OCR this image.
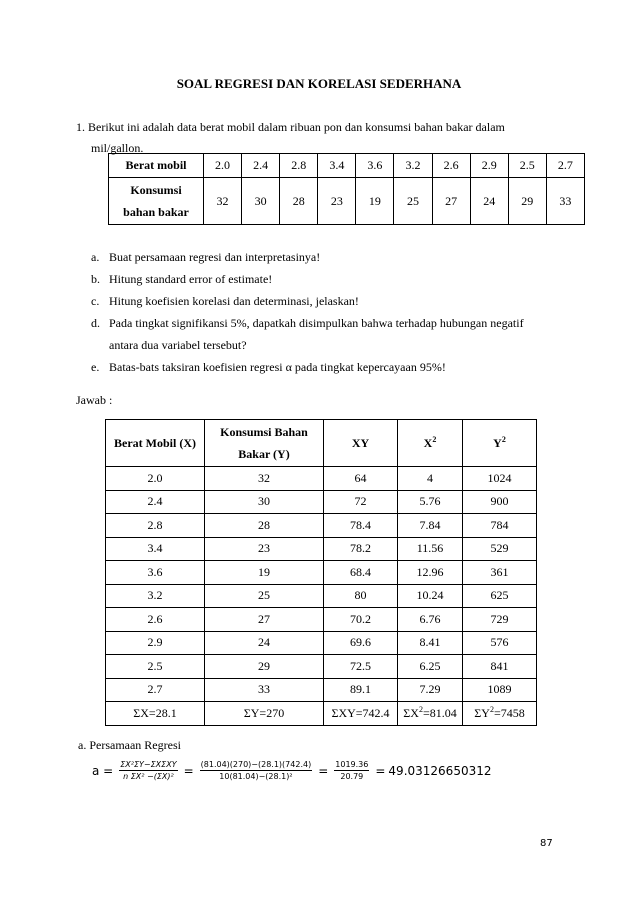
SOAL REGRESI DAN KORELASI SEDERHANA
1. Berikut ini adalah data berat mobil dalam ribuan pon dan konsumsi bahan bakar dalam
mil/gallon.
Berat mobil	2.0	2.4	2.8	3.4	3.6	3.2	2.6	2.9	2.5	2.7

Konsumsi
bahan bakar	32	30	28	23	19	25	27	24	29	33
a. Buat persamaan regresi dan interpretasinya!
b. Hitung standard error of estimate!
c. Hitung koefisien korelasi dan determinasi, jelaskan!
d. Pada tingkat signifikansi 5%, dapatkah disimpulkan bahwa terhadap hubungan negatif
antara dua variabel tersebut?
e. Batas-bats taksiran koefisien regresi α pada tingkat kepercayaan 95%!
Jawab :
Berat Mobil (X)	Konsumsi Bahan
Bakar (Y)	XY	$X^2$	$Y^2$
2.0	32	64	4	1024
2.4	30	72	5.76	900
2.8	28	78.4	7.84	784
3.4	23	78.2	11.56	529
3.6	19	68.4	12.96	361
3.2	25	80	10.24	625
2.6	27	70.2	6.76	729
2.9	24	69.6	8.41	576
2.5	29	72.5	6.25	841
2.7	33	89.1	7.29	1089
ΣX=28.1	ΣY=270	ΣXY=742.4	$\Sigma X^2=81.04$	$\Sigma Y^2=7458$
a. Persamaan Regresi
$a = \frac{\text{ΣX²ΣY−ΣXΣXY}}{\text{n ΣX² −(ΣX)²}} = \frac{(81.04)(270)-(28.1)(742.4)}{\text{10(81.04)−(28.1)²}} = \frac{1019.36}{20.79} = 49.03126650312$
87
